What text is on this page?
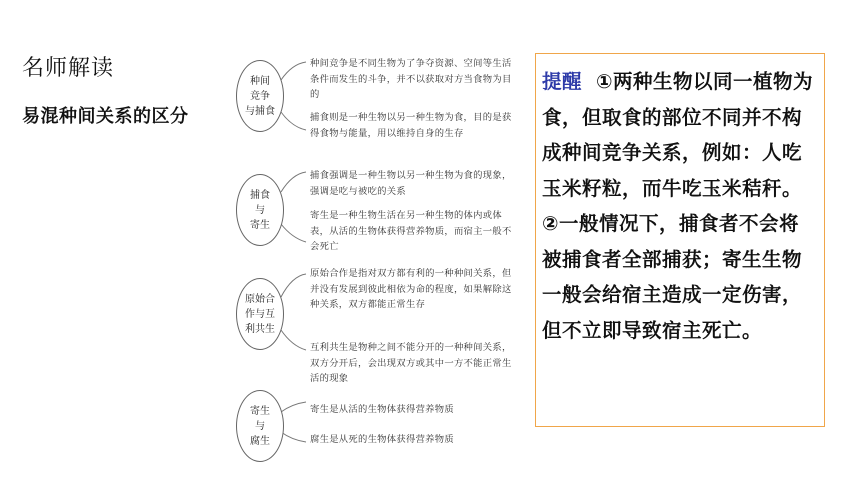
名师解读
易混种间关系的区分
种间
竞争
与捕食
种间竞争是不同生物为了争夺资源、空间等生活条件而发生的斗争，并不以获取对方当食物为目的
捕食则是一种生物以另一种生物为食，目的是获得食物与能量，用以维持自身的生存
捕食
与
寄生
捕食强调是一种生物以另一种生物为食的现象，强调是吃与被吃的关系
寄生是一种生物生活在另一种生物的体内或体表，从活的生物体获得营养物质，而宿主一般不会死亡
原始合
作与互
利共生
原始合作是指对双方都有利的一种种间关系，但并没有发展到彼此相依为命的程度，如果解除这种关系，双方都能正常生存
互利共生是物种之间不能分开的一种种间关系，双方分开后，会出现双方或其中一方不能正常生活的现象
寄生
与
腐生
寄生是从活的生物体获得营养物质
腐生是从死的生物体获得营养物质
提醒 ①两种生物以同一植物为食，但取食的部位不同并不构成种间竞争关系，例如：人吃玉米籽粒，而牛吃玉米秸秆。②一般情况下，捕食者不会将被捕食者全部捕获；寄生生物一般会给宿主造成一定伤害，但不立即导致宿主死亡。
